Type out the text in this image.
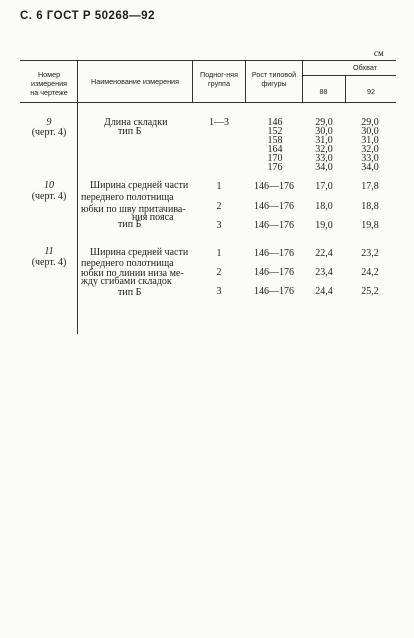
С. 6 ГОСТ Р 50268—92
см
Номер измерения на чертеже
Наименование измерения
Подног-няя группа
Рост типовой фигуры
Обхват
88	92
9
(черт. 4)
Длина складки
тип Б
1—3	146
152
158
164
170
176
29,0
30,0
31,0
32,0
33,0
34,0
29,0
30,0
31,0
32,0
33,0
34,0
10
(черт. 4)
Ширина средней части
переднего полотнища
юбки по шву притачива-
ния пояса
тип Б
1
2
3
146—176
146—176
146—176
17,0
18,0
19,0
17,8
18,8
19,8
11
(черт. 4)
Ширина средней части
переднего полотнища
юбки по линии низа ме-
жду сгибами складок
тип Б
1
2
3
146—176
146—176
146—176
22,4
23,4
24,4
23,2
24,2
25,2
